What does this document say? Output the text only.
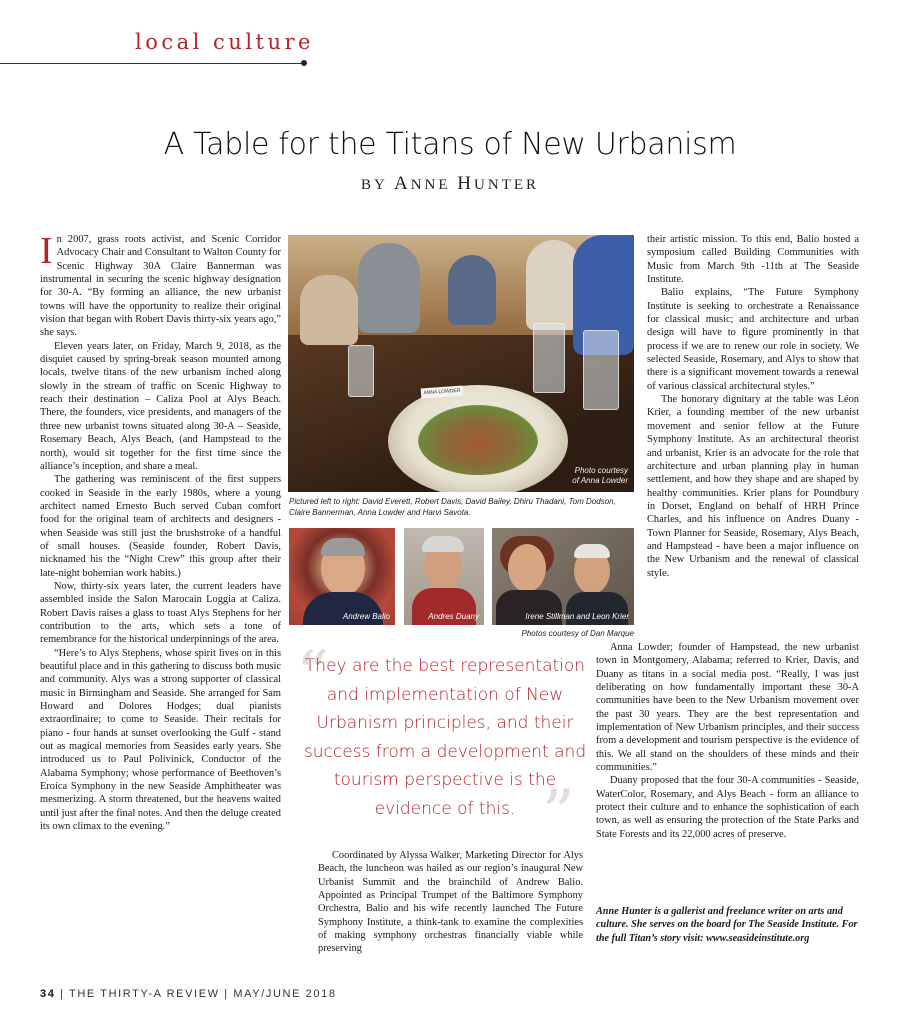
local culture
A Table for the Titans of New Urbanism
BY ANNE HUNTER

In 2007, grass roots activist, and Scenic Corridor Advocacy Chair and Consultant to Walton County for Scenic Highway 30A Claire Bannerman was instrumental in securing the scenic highway designation for 30-A. “By forming an alliance, the new urbanist towns will have the opportunity to realize their original vision that began with Robert Davis thirty-six years ago,” she says.

Eleven years later, on Friday, March 9, 2018, as the disquiet caused by spring-break season mounted among locals, twelve titans of the new urbanism inched along slowly in the stream of traffic on Scenic Highway to reach their destination – Caliza Pool at Alys Beach. There, the founders, vice presidents, and managers of the three new urbanist towns situated along 30-A – Seaside, Rosemary Beach, Alys Beach, (and Hampstead to the north), would sit together for the first time since the alliance’s inception, and share a meal.

The gathering was reminiscent of the first suppers cooked in Seaside in the early 1980s, where a young architect named Ernesto Buch served Cuban comfort food for the original team of architects and designers - when Seaside was still just the brushstroke of a handful of small houses. (Seaside founder, Robert Davis, nicknamed his the “Night Crew” this group after their late-night bohemian work habits.)

Now, thirty-six years later, the current leaders have assembled inside the Salon Marocain Loggia at Caliza. Robert Davis raises a glass to toast Alys Stephens for her contribution to the arts, which sets a tone of remembrance for the historical underpinnings of the area.

“Here’s to Alys Stephens, whose spirit lives on in this beautiful place and in this gathering to discuss both music and community. Alys was a strong supporter of classical music in Birmingham and Seaside. She arranged for Sam Howard and Dolores Hodges; dual pianists extraordinaire; to come to Seaside. Their recitals for piano - four hands at sunset overlooking the Gulf - stand out as magical memories from Seasides early years. She introduced us to Paul Polivinick, Conductor of the Alabama Symphony; whose performance of Beethoven’s Eroica Symphony in the new Seaside Amphitheater was mesmerizing. A storm threatened, but the heavens waited until just after the final notes. And then the deluge created its own climax to the evening.”

ANNA LOWDER
Photo courtesy
of Anna Lowder
Pictured left to right: David Everett, Robert Davis, David Bailey, Dhiru Thadani, Tom Dodson, Claire Bannerman, Anna Lowder and Harvi Savota.
Andrew Balio	Andres Duany	Irene Stillman and Leon Krier
Photos courtesy of Dan Marque
“
They are the best representation and implementation of New Urbanism principles, and their success from a development and tourism perspective is the evidence of this. ”

Coordinated by Alyssa Walker, Marketing Director for Alys Beach, the luncheon was hailed as our region’s inaugural New Urbanist Summit and the brainchild of Andrew Balio. Appointed as Principal Trumpet of the Baltimore Symphony Orchestra, Balio and his wife recently launched The Future Symphony Institute, a think-tank to examine the complexities of making symphony orchestras financially viable while preserving

their artistic mission. To this end, Balio hosted a symposium called Building Communities with Music from March 9th -11th at The Seaside Institute.

Balio explains, “The Future Symphony Institute is seeking to orchestrate a Renaissance for classical music; and architecture and urban design will have to figure prominently in that process if we are to renew our role in society. We selected Seaside, Rosemary, and Alys to show that there is a significant movement towards a renewal of various classical architectural styles.”

The honorary dignitary at the table was Léon Krier, a founding member of the new urbanist movement and senior fellow at the Future Symphony Institute. As an architectural theorist and urbanist, Krier is an advocate for the role that architecture and urban planning play in human settlement, and how they shape and are shaped by healthy communities. Krier plans for Poundbury in Dorset, England on behalf of HRH Prince Charles, and his influence on Andres Duany - Town Planner for Seaside, Rosemary, Alys Beach, and Hampstead - have been a major influence on the New Urbanism and the renewal of classical style.

Anna Lowder; founder of Hampstead, the new urbanist town in Montgomery, Alabama; referred to Krier, Davis, and Duany as titans in a social media post. “Really, I was just deliberating on how fundamentally important these 30-A communities have been to the New Urbanism movement over the past 30 years. They are the best representation and implementation of New Urbanism principles, and their success from a development and tourism perspective is the evidence of this. We all stand on the shoulders of these minds and their communities.”

Duany proposed that the four 30-A communities - Seaside, WaterColor, Rosemary, and Alys Beach - form an alliance to protect their culture and to enhance the sophistication of each town, as well as ensuring the protection of the State Parks and State Forests and its 22,000 acres of preserve.

Anne Hunter is a gallerist and freelance writer on arts and culture. She serves on the board for The Seaside Institute. For the full Titan’s story visit: www.seasideinstitute.org
34 | THE THIRTY-A REVIEW | MAY/JUNE 2018
